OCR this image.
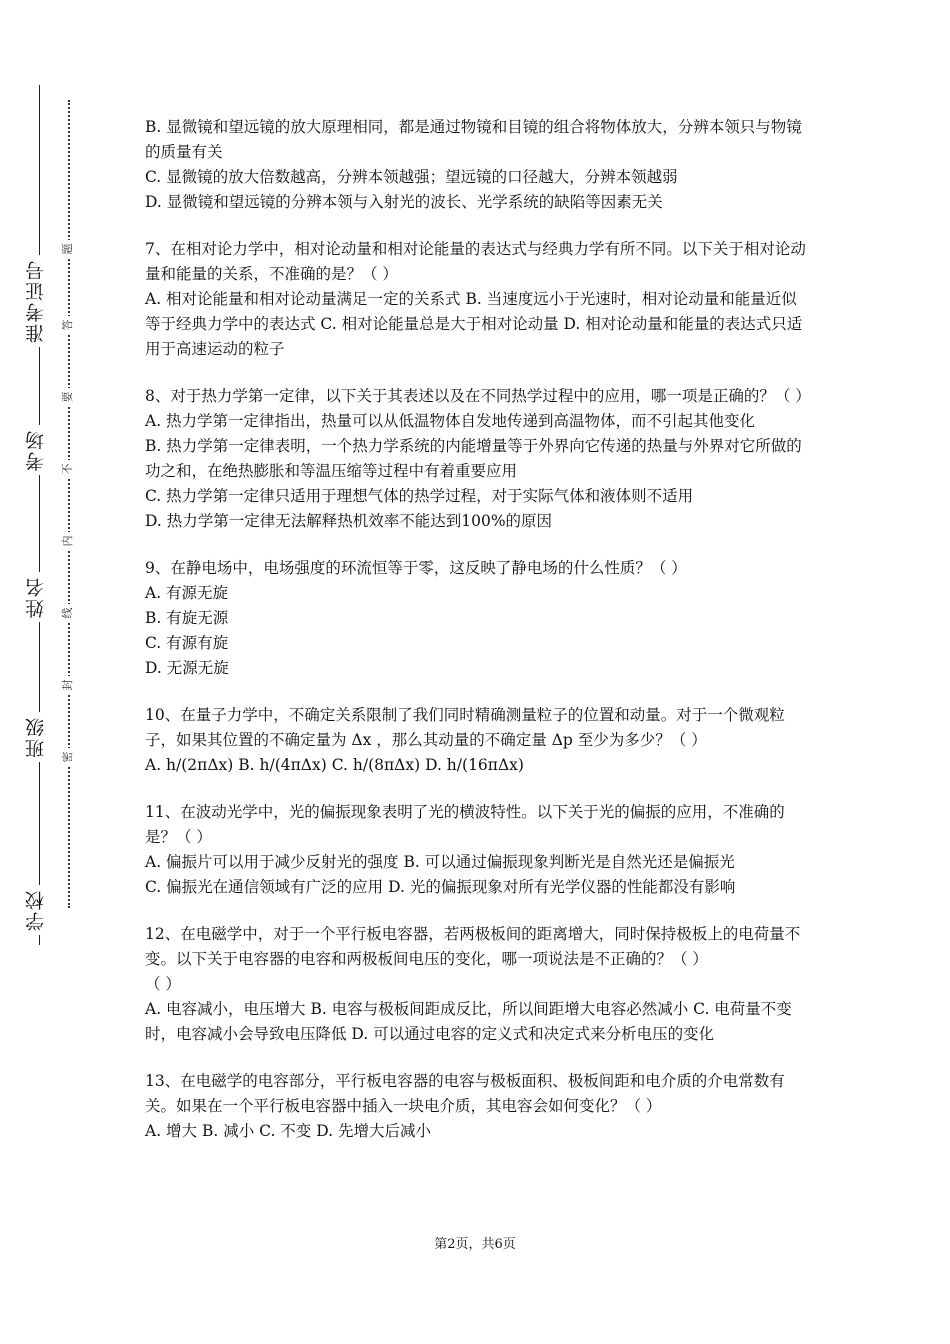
准考证号
考场
姓名
班级
学校
题
答
要
不
内
线
封
密

B. 显微镜和望远镜的放大原理相同，都是通过物镜和目镜的组合将物体放大，分辨本领只与物镜的质量有关

C. 显微镜的放大倍数越高，分辨本领越强；望远镜的口径越大，分辨本领越弱

D. 显微镜和望远镜的分辨本领与入射光的波长、光学系统的缺陷等因素无关

7、在相对论力学中，相对论动量和相对论能量的表达式与经典力学有所不同。以下关于相对论动量和能量的关系，不准确的是？（ ）

A. 相对论能量和相对论动量满足一定的关系式 B. 当速度远小于光速时，相对论动量和能量近似等于经典力学中的表达式 C. 相对论能量总是大于相对论动量 D. 相对论动量和能量的表达式只适用于高速运动的粒子

8、对于热力学第一定律，以下关于其表述以及在不同热学过程中的应用，哪一项是正确的？（ ）

A. 热力学第一定律指出，热量可以从低温物体自发地传递到高温物体，而不引起其他变化

B. 热力学第一定律表明，一个热力学系统的内能增量等于外界向它传递的热量与外界对它所做的功之和，在绝热膨胀和等温压缩等过程中有着重要应用

C. 热力学第一定律只适用于理想气体的热学过程，对于实际气体和液体则不适用

D. 热力学第一定律无法解释热机效率不能达到100%的原因

9、在静电场中，电场强度的环流恒等于零，这反映了静电场的什么性质？（ ）

A. 有源无旋

B. 有旋无源

C. 有源有旋

D. 无源无旋

10、在量子力学中，不确定关系限制了我们同时精确测量粒子的位置和动量。对于一个微观粒子，如果其位置的不确定量为 Δx ，那么其动量的不确定量 Δp 至少为多少？（ ）

A. h/(2πΔx) B. h/(4πΔx) C. h/(8πΔx) D. h/(16πΔx)

11、在波动光学中，光的偏振现象表明了光的横波特性。以下关于光的偏振的应用，不准确的是？（ ）

A. 偏振片可以用于减少反射光的强度 B. 可以通过偏振现象判断光是自然光还是偏振光

C. 偏振光在通信领域有广泛的应用 D. 光的偏振现象对所有光学仪器的性能都没有影响

12、在电磁学中，对于一个平行板电容器，若两极板间的距离增大，同时保持极板上的电荷量不变。以下关于电容器的电容和两极板间电压的变化，哪一项说法是不正确的？（ ）

（ ）

A. 电容减小，电压增大 B. 电容与极板间距成反比，所以间距增大电容必然减小 C. 电荷量不变时，电容减小会导致电压降低 D. 可以通过电容的定义式和决定式来分析电压的变化

13、在电磁学的电容部分，平行板电容器的电容与极板面积、极板间距和电介质的介电常数有关。如果在一个平行板电容器中插入一块电介质，其电容会如何变化？（ ）

A. 增大 B. 减小 C. 不变 D. 先增大后减小

第2页，共6页
